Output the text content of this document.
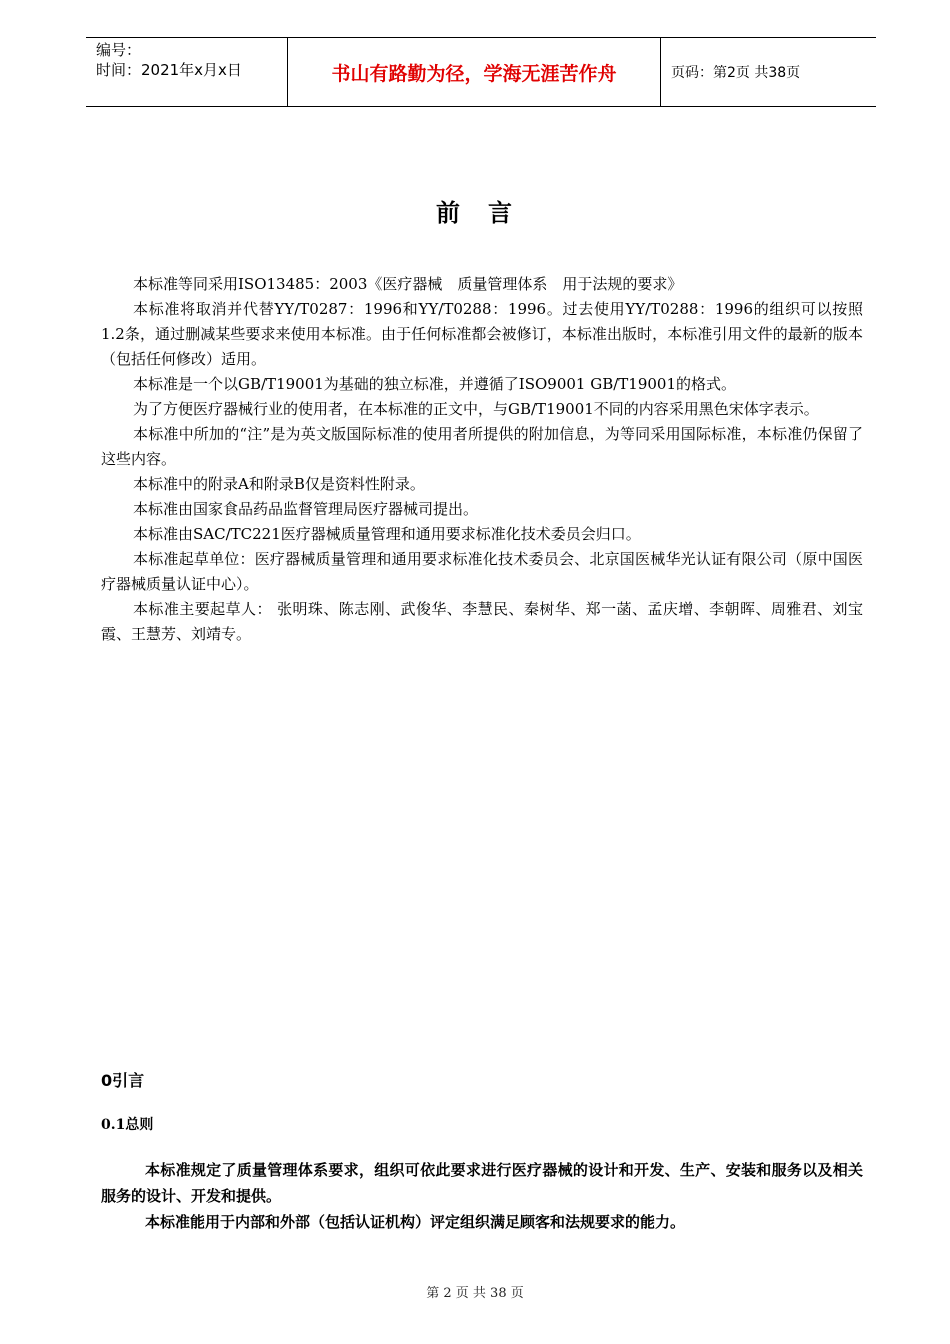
编号：
时间：2021年x月x日	书山有路勤为径，学海无涯苦作舟	页码：第2页 共38页
前 言

本标准等同采用ISO13485：2003《医疗器械　质量管理体系　用于法规的要求》

本标准将取消并代替YY/T0287：1996和YY/T0288：1996。过去使用YY/T0288：1996的组织可以按照1.2条，通过删减某些要求来使用本标准。由于任何标准都会被修订，本标准出版时，本标准引用文件的最新的版本（包括任何修改）适用。

本标准是一个以GB/T19001为基础的独立标准，并遵循了ISO9001 GB/T19001的格式。

为了方便医疗器械行业的使用者，在本标准的正文中，与GB/T19001不同的内容采用黑色宋体字表示。

本标准中所加的“注”是为英文版国际标准的使用者所提供的附加信息，为等同采用国际标准，本标准仍保留了这些内容。

本标准中的附录A和附录B仅是资料性附录。

本标准由国家食品药品监督管理局医疗器械司提出。

本标准由SAC/TC221医疗器械质量管理和通用要求标准化技术委员会归口。

本标准起草单位：医疗器械质量管理和通用要求标准化技术委员会、北京国医械华光认证有限公司（原中国医疗器械质量认证中心）。

本标准主要起草人： 张明珠、陈志刚、武俊华、李慧民、秦树华、郑一菡、孟庆增、李朝晖、周雅君、刘宝霞、王慧芳、刘靖专。

0引言
0.1总则

本标准规定了质量管理体系要求，组织可依此要求进行医疗器械的设计和开发、生产、安装和服务以及相关服务的设计、开发和提供。

本标准能用于内部和外部（包括认证机构）评定组织满足顾客和法规要求的能力。

第 2 页 共 38 页
